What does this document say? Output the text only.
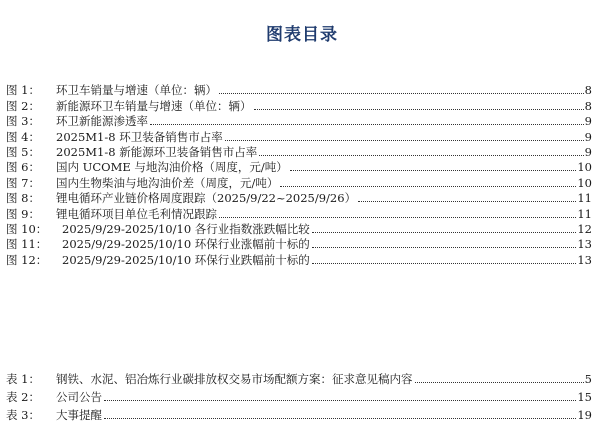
图表目录
图 1：	环卫车销量与增速（单位：辆）	8
图 2：	新能源环卫车销量与增速（单位：辆）	8
图 3：	环卫新能源渗透率	9
图 4：	2025M1-8 环卫装备销售市占率	9
图 5：	2025M1-8 新能源环卫装备销售市占率	9
图 6：	国内 UCOME 与地沟油价格（周度，元/吨）	10
图 7：	国内生物柴油与地沟油价差（周度，元/吨）	10
图 8：	锂电循环产业链价格周度跟踪（2025/9/22~2025/9/26）	11
图 9：	锂电循环项目单位毛利情况跟踪	11
图 10：	2025/9/29-2025/10/10 各行业指数涨跌幅比较	12
图 11：	2025/9/29-2025/10/10 环保行业涨幅前十标的	13
图 12：	2025/9/29-2025/10/10 环保行业跌幅前十标的	13
表 1：	钢铁、水泥、铝冶炼行业碳排放权交易市场配额方案：征求意见稿内容	5
表 2：	公司公告	15
表 3：	大事提醒	19
